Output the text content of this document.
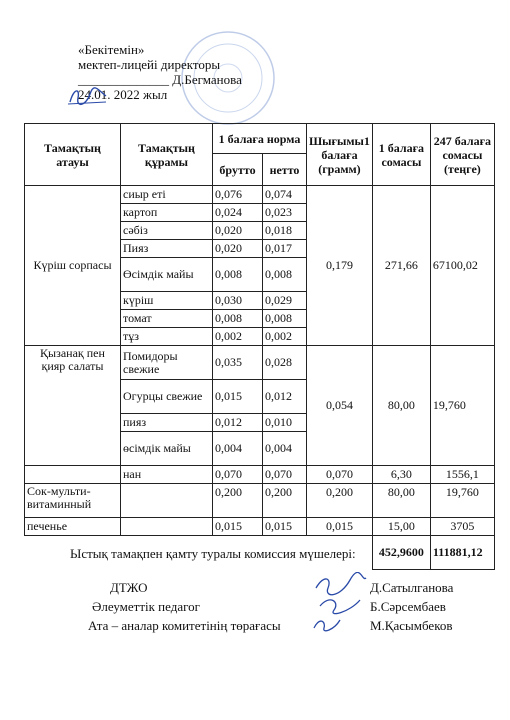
«Бекітемін»
мектеп-лицейі директоры
______________ Д.Бегманова
24.01. 2022 жыл
Тамақтың атауы	Тамақтың құрамы	1 балаға норма		Шығымы1 балаға (грамм)	1 балаға сомасы	247 балаға сомасы (теңге)
		брутто	нетто			
Күріш сорпасы	сиыр еті	0,076	0,074	0,179	271,66	67100,02
	картоп	0,024	0,023			
	сәбіз	0,020	0,018			
	Пияз	0,020	0,017			
	Өсімдік майы	0,008	0,008			
	күріш	0,030	0,029			
	томат	0,008	0,008			
	тұз	0,002	0,002			
Қызанақ пен қияр салаты	Помидоры свежие	0,035	0,028	0,054	80,00	19,760
	Огурцы свежие	0,015	0,012			
	пияз	0,012	0,010			
	өсімдік майы	0,004	0,004			
	нан	0,070	0,070	0,070	6,30	1556,1
Сок-мульти-витаминный		0,200	0,200	0,200	80,00	19,760
печенье		0,015	0,015	0,015	15,00	3705
					452,9600	111881,12
Ыстық тамақпен қамту туралы комиссия мүшелері:
ДТЖО
Әлеуметтік педагог
Ата – аналар комитетінің төрағасы
Д.Сатылганова
Б.Сәрсембаев
М.Қасымбеков
